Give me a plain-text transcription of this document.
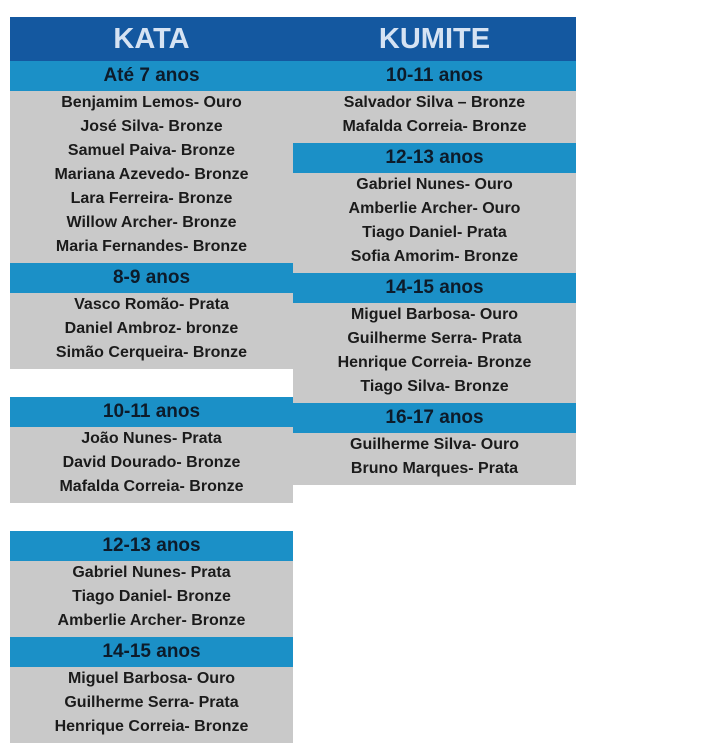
KATA	KUMITE
Até 7 anos
Benjamim Lemos- Ouro
José Silva- Bronze
Samuel Paiva- Bronze
Mariana Azevedo- Bronze
Lara Ferreira- Bronze
Willow Archer- Bronze
Maria Fernandes- Bronze
8-9 anos
Vasco Romão- Prata
Daniel Ambroz- bronze
Simão Cerqueira- Bronze
10-11 anos
João Nunes- Prata
David Dourado- Bronze
Mafalda Correia- Bronze
12-13 anos
Gabriel Nunes- Prata
Tiago Daniel- Bronze
Amberlie Archer- Bronze
14-15 anos
Miguel Barbosa- Ouro
Guilherme Serra- Prata
Henrique Correia- Bronze
10-11 anos
Salvador Silva – Bronze
Mafalda Correia- Bronze
12-13 anos
Gabriel Nunes- Ouro
Amberlie Archer- Ouro
Tiago Daniel- Prata
Sofia Amorim- Bronze
14-15 anos
Miguel Barbosa- Ouro
Guilherme Serra- Prata
Henrique Correia- Bronze
Tiago Silva- Bronze
16-17 anos
Guilherme Silva- Ouro
Bruno Marques- Prata
